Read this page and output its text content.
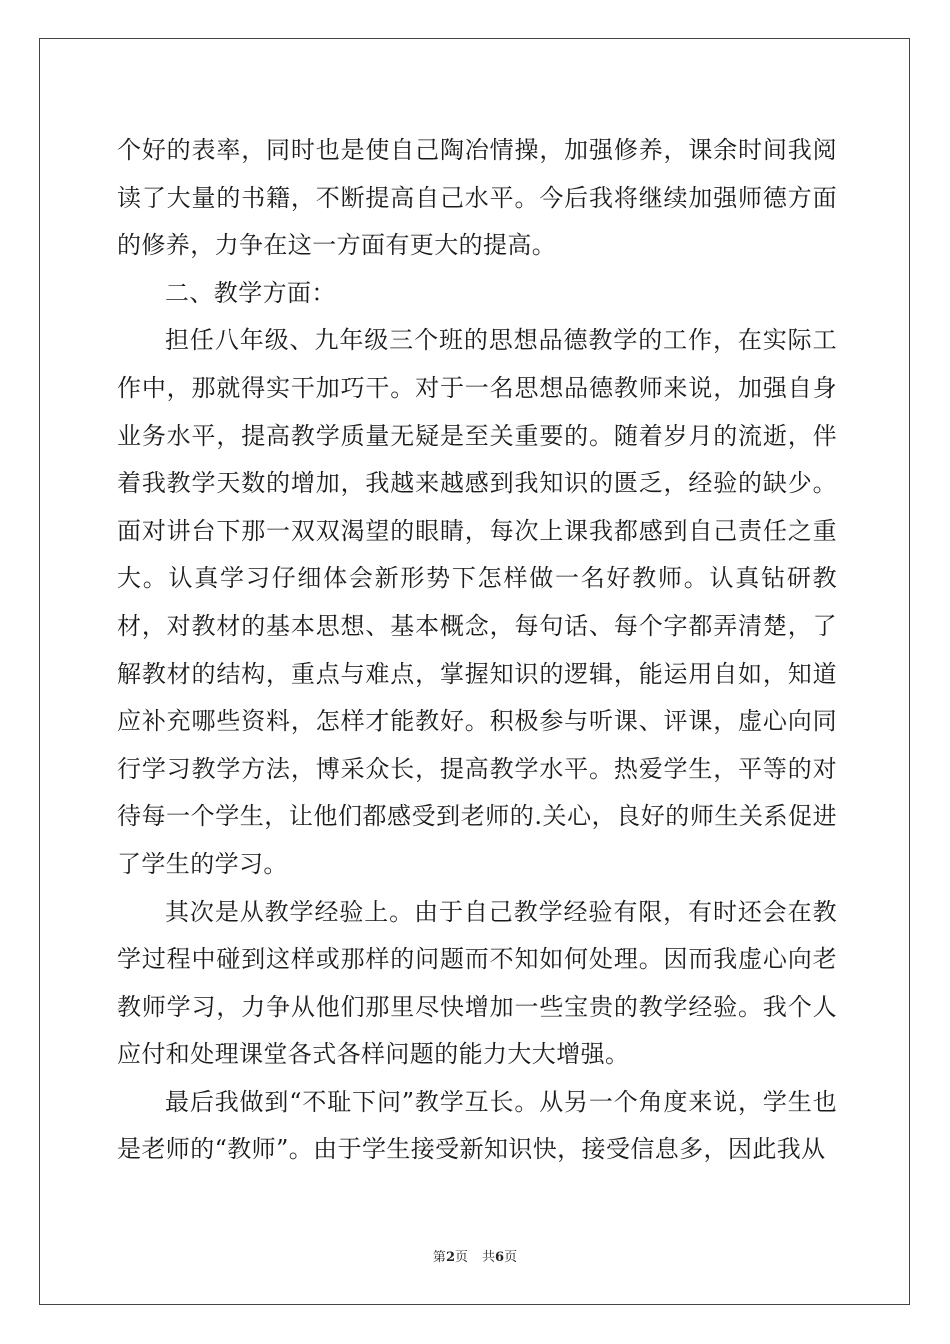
个好的表率，同时也是使自己陶冶情操，加强修养，课余时间我阅读了大量的书籍，不断提高自己水平。今后我将继续加强师德方面的修养，力争在这一方面有更大的提高。

二、教学方面：

担任八年级、九年级三个班的思想品德教学的工作，在实际工作中，那就得实干加巧干。对于一名思想品德教师来说，加强自身业务水平，提高教学质量无疑是至关重要的。随着岁月的流逝，伴着我教学天数的增加，我越来越感到我知识的匮乏，经验的缺少。面对讲台下那一双双渴望的眼睛，每次上课我都感到自己责任之重大。认真学习仔细体会新形势下怎样做一名好教师。认真钻研教材，对教材的基本思想、基本概念，每句话、每个字都弄清楚，了解教材的结构，重点与难点，掌握知识的逻辑，能运用自如，知道应补充哪些资料，怎样才能教好。积极参与听课、评课，虚心向同行学习教学方法，博采众长，提高教学水平。热爱学生，平等的对待每一个学生，让他们都感受到老师的.关心，良好的师生关系促进了学生的学习。

其次是从教学经验上。由于自己教学经验有限，有时还会在教学过程中碰到这样或那样的问题而不知如何处理。因而我虚心向老教师学习，力争从他们那里尽快增加一些宝贵的教学经验。我个人应付和处理课堂各式各样问题的能力大大增强。

最后我做到“不耻下问”教学互长。从另一个角度来说，学生也是老师的“教师”。由于学生接受新知识快，接受信息多，因此我从

第2页 共6页
